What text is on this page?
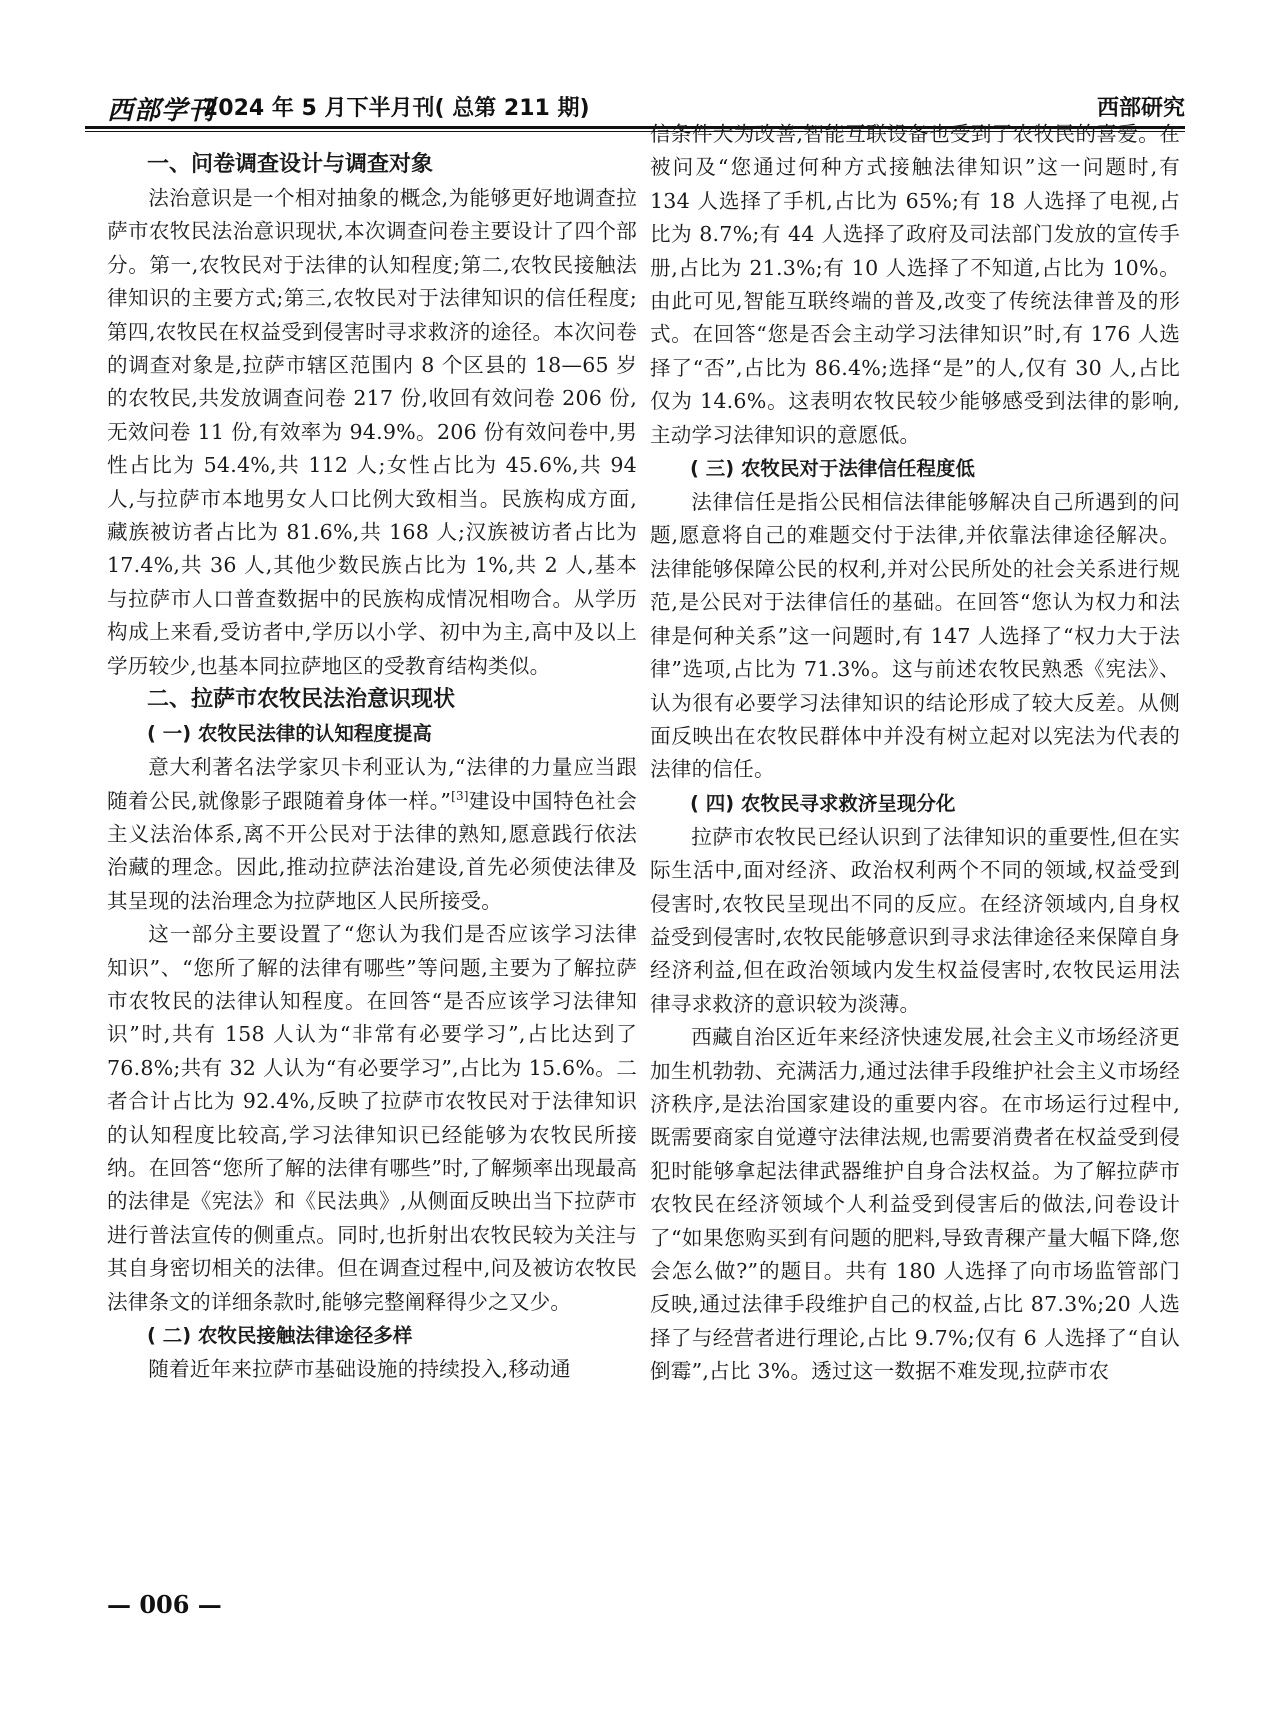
西部学刊
2024 年 5 月下半月刊( 总第 211 期)	西部研究
一、问卷调查设计与调查对象

法治意识是一个相对抽象的概念,为能够更好地调查拉萨市农牧民法治意识现状,本次调查问卷主要设计了四个部分。第一,农牧民对于法律的认知程度;第二,农牧民接触法律知识的主要方式;第三,农牧民对于法律知识的信任程度;第四,农牧民在权益受到侵害时寻求救济的途径。本次问卷的调查对象是,拉萨市辖区范围内 8 个区县的 18—65 岁的农牧民,共发放调查问卷 217 份,收回有效问卷 206 份,无效问卷 11 份,有效率为 94.9%。206 份有效问卷中,男性占比为 54.4%,共 112 人;女性占比为 45.6%,共 94 人,与拉萨市本地男女人口比例大致相当。民族构成方面,藏族被访者占比为 81.6%,共 168 人;汉族被访者占比为 17.4%,共 36 人,其他少数民族占比为 1%,共 2 人,基本与拉萨市人口普查数据中的民族构成情况相吻合。从学历构成上来看,受访者中,学历以小学、初中为主,高中及以上学历较少,也基本同拉萨地区的受教育结构类似。

二、拉萨市农牧民法治意识现状
( 一) 农牧民法律的认知程度提高

意大利著名法学家贝卡利亚认为,“法律的力量应当跟随着公民,就像影子跟随着身体一样。”[3]建设中国特色社会主义法治体系,离不开公民对于法律的熟知,愿意践行依法治藏的理念。因此,推动拉萨法治建设,首先必须使法律及其呈现的法治理念为拉萨地区人民所接受。

这一部分主要设置了“您认为我们是否应该学习法律知识”、“您所了解的法律有哪些”等问题,主要为了解拉萨市农牧民的法律认知程度。在回答“是否应该学习法律知识”时,共有 158 人认为“非常有必要学习”,占比达到了 76.8%;共有 32 人认为“有必要学习”,占比为 15.6%。二者合计占比为 92.4%,反映了拉萨市农牧民对于法律知识的认知程度比较高,学习法律知识已经能够为农牧民所接纳。在回答“您所了解的法律有哪些”时,了解频率出现最高的法律是《宪法》和《民法典》,从侧面反映出当下拉萨市进行普法宣传的侧重点。同时,也折射出农牧民较为关注与其自身密切相关的法律。但在调查过程中,问及被访农牧民法律条文的详细条款时,能够完整阐释得少之又少。

( 二) 农牧民接触法律途径多样

随着近年来拉萨市基础设施的持续投入,移动通

信条件大为改善,智能互联设备也受到了农牧民的喜爱。在被问及“您通过何种方式接触法律知识”这一问题时,有 134 人选择了手机,占比为 65%;有 18 人选择了电视,占比为 8.7%;有 44 人选择了政府及司法部门发放的宣传手册,占比为 21.3%;有 10 人选择了不知道,占比为 10%。由此可见,智能互联终端的普及,改变了传统法律普及的形式。在回答“您是否会主动学习法律知识”时,有 176 人选择了“否”,占比为 86.4%;选择“是”的人,仅有 30 人,占比仅为 14.6%。这表明农牧民较少能够感受到法律的影响,主动学习法律知识的意愿低。

( 三) 农牧民对于法律信任程度低

法律信任是指公民相信法律能够解决自己所遇到的问题,愿意将自己的难题交付于法律,并依靠法律途径解决。法律能够保障公民的权利,并对公民所处的社会关系进行规范,是公民对于法律信任的基础。在回答“您认为权力和法律是何种关系”这一问题时,有 147 人选择了“权力大于法律”选项,占比为 71.3%。这与前述农牧民熟悉《宪法》、认为很有必要学习法律知识的结论形成了较大反差。从侧面反映出在农牧民群体中并没有树立起对以宪法为代表的法律的信任。

( 四) 农牧民寻求救济呈现分化

拉萨市农牧民已经认识到了法律知识的重要性,但在实际生活中,面对经济、政治权利两个不同的领域,权益受到侵害时,农牧民呈现出不同的反应。在经济领域内,自身权益受到侵害时,农牧民能够意识到寻求法律途径来保障自身经济利益,但在政治领域内发生权益侵害时,农牧民运用法律寻求救济的意识较为淡薄。

西藏自治区近年来经济快速发展,社会主义市场经济更加生机勃勃、充满活力,通过法律手段维护社会主义市场经济秩序,是法治国家建设的重要内容。在市场运行过程中,既需要商家自觉遵守法律法规,也需要消费者在权益受到侵犯时能够拿起法律武器维护自身合法权益。为了解拉萨市农牧民在经济领域个人利益受到侵害后的做法,问卷设计了“如果您购买到有问题的肥料,导致青稞产量大幅下降,您会怎么做?”的题目。共有 180 人选择了向市场监管部门反映,通过法律手段维护自己的权益,占比 87.3%;20 人选择了与经营者进行理论,占比 9.7%;仅有 6 人选择了“自认倒霉”,占比 3%。透过这一数据不难发现,拉萨市农

— 006 —
